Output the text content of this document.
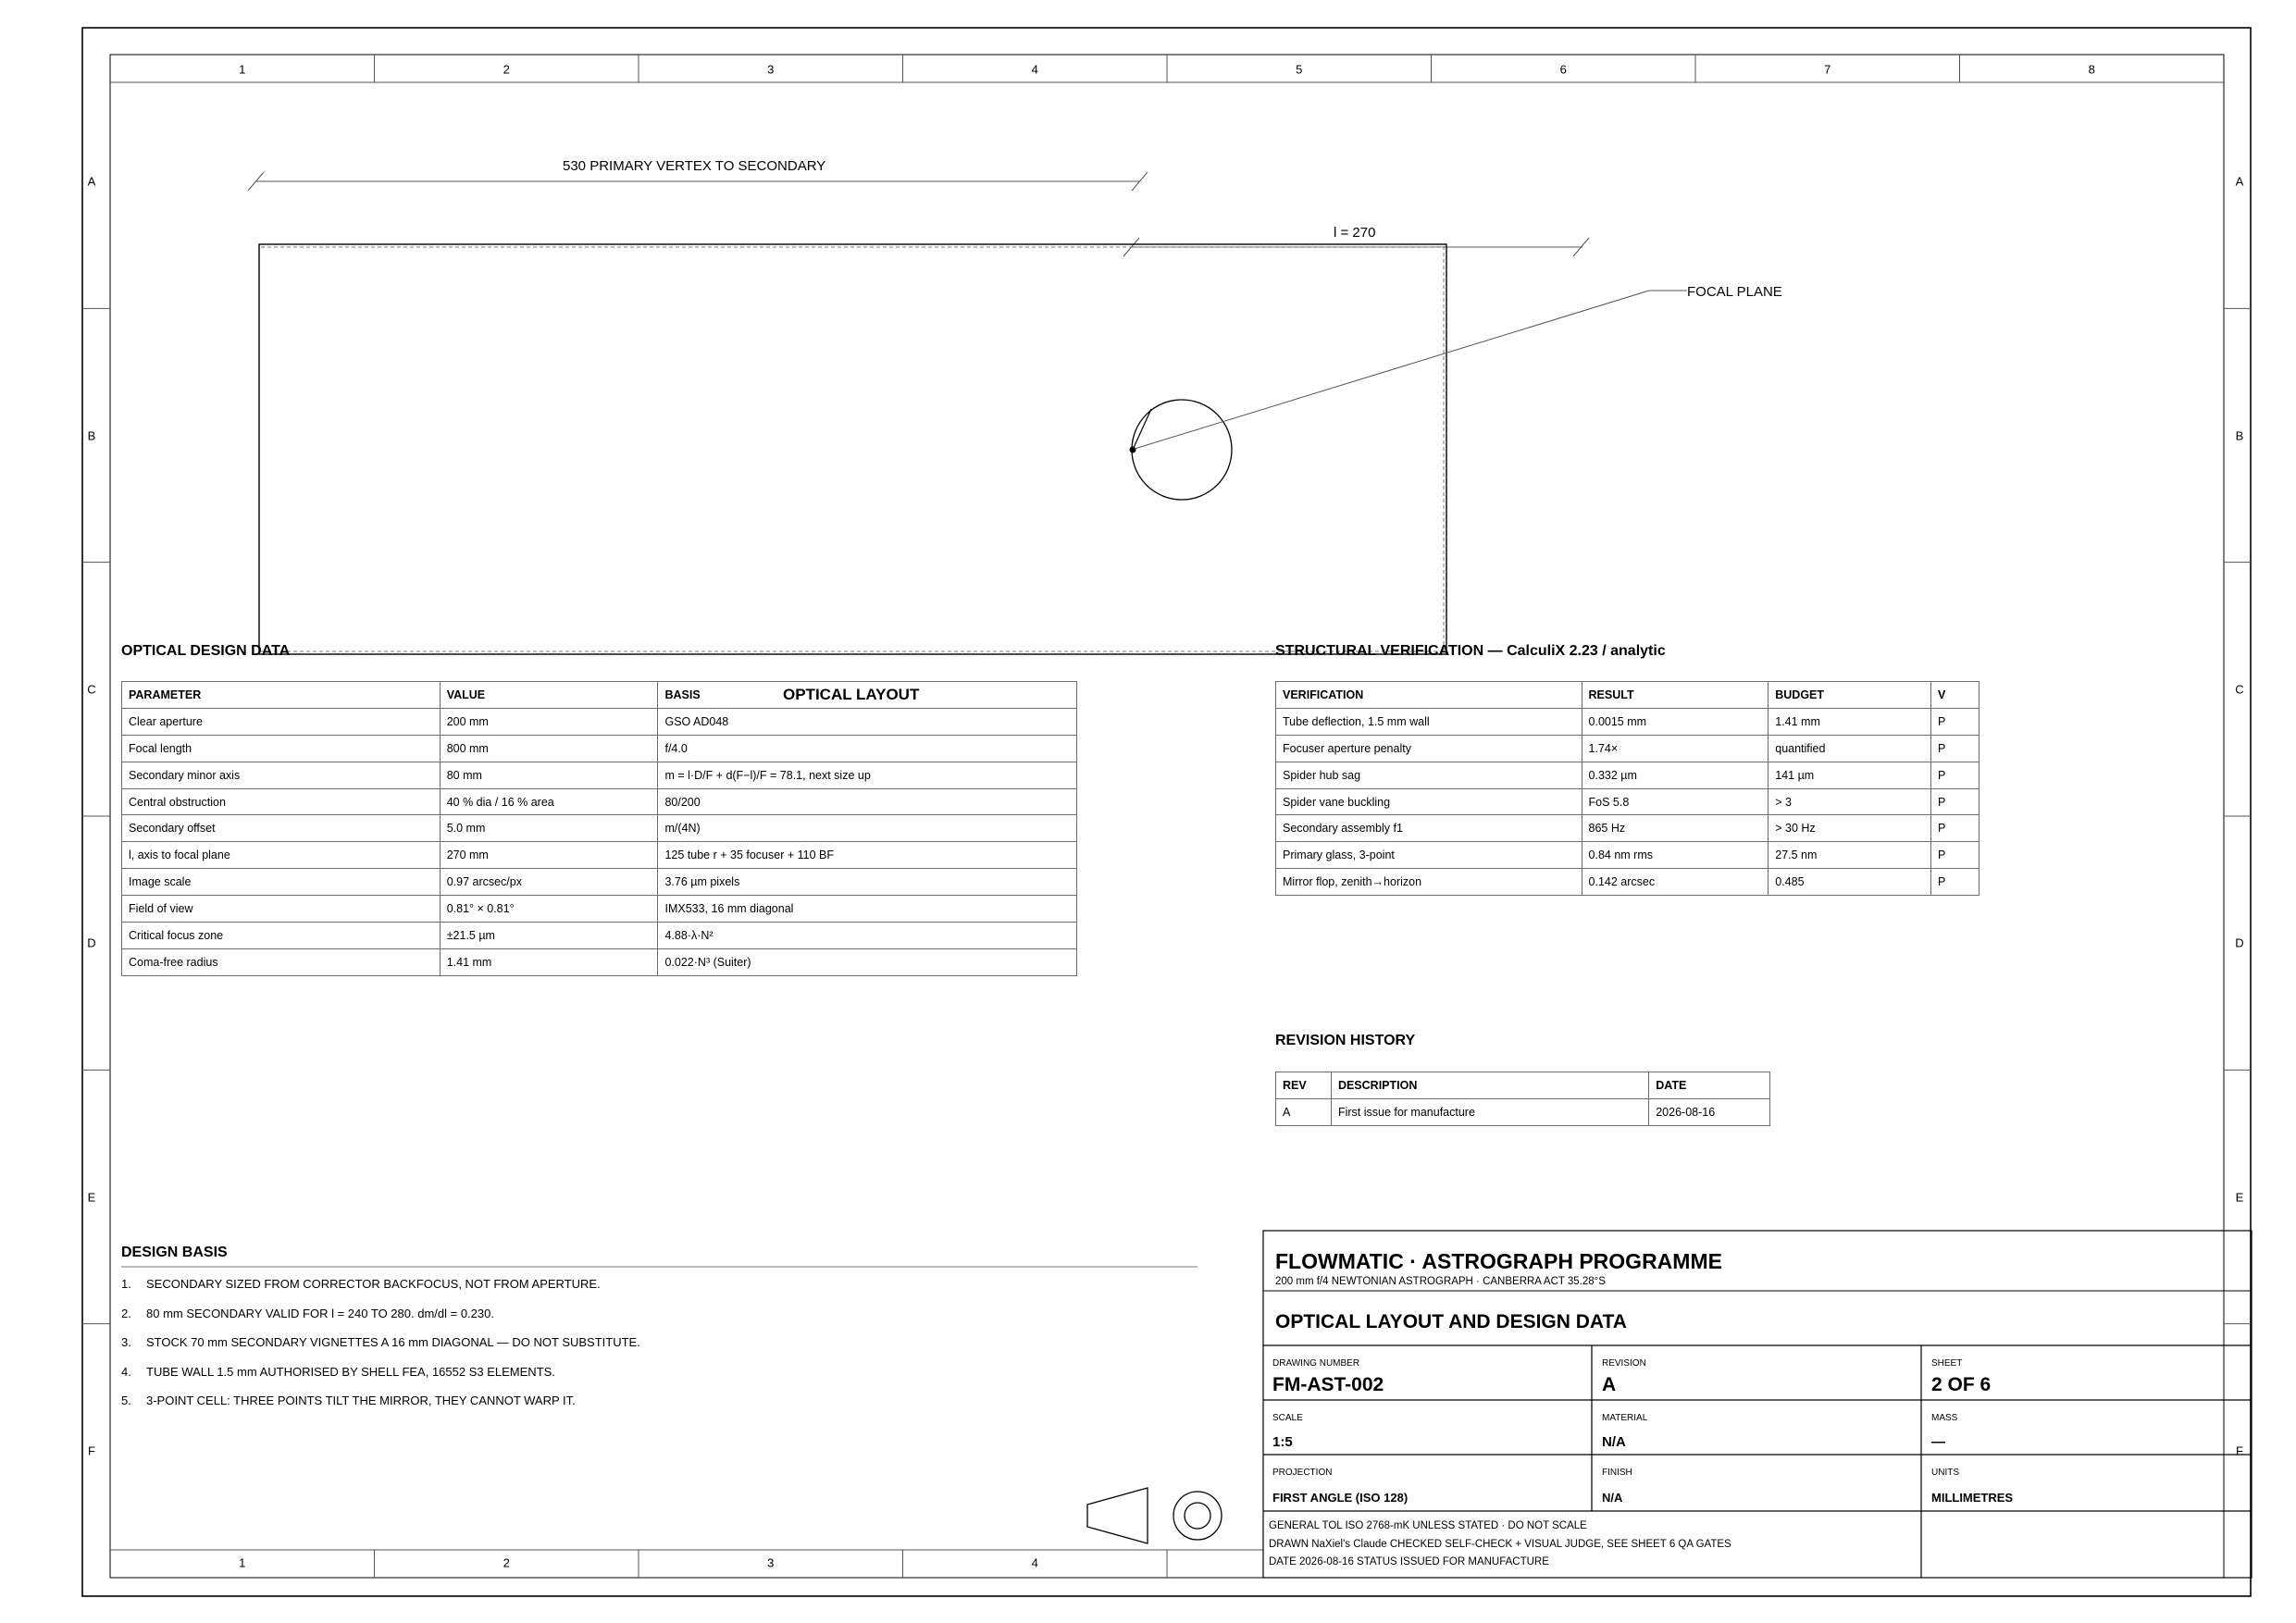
1
1
2
2
3
3
4
4
5	6	7	8
A	A
B	B
C	C
D	D
E	E
F	F
530 PRIMARY VERTEX TO SECONDARY
l = 270
FOCAL PLANE
OPTICAL LAYOUT
OPTICAL DESIGN DATA
PARAMETER	VALUE	BASIS
Clear aperture	200 mm	GSO AD048
Focal length	800 mm	f/4.0
Secondary minor axis	80 mm	m = l·D/F + d(F−l)/F = 78.1, next size up
Central obstruction	40 % dia / 16 % area	80/200
Secondary offset	5.0 mm	m/(4N)
l, axis to focal plane	270 mm	125 tube r + 35 focuser + 110 BF
Image scale	0.97 arcsec/px	3.76 µm pixels
Field of view	0.81° × 0.81°	IMX533, 16 mm diagonal
Critical focus zone	±21.5 µm	4.88·λ·N²
Coma-free radius	1.41 mm	0.022·N³ (Suiter)
STRUCTURAL VERIFICATION — CalculiX 2.23 / analytic
VERIFICATION	RESULT	BUDGET	V
Tube deflection, 1.5 mm wall	0.0015 mm	1.41 mm	P
Focuser aperture penalty	1.74×	quantified	P
Spider hub sag	0.332 µm	141 µm	P
Spider vane buckling	FoS 5.8	> 3	P
Secondary assembly f1	865 Hz	> 30 Hz	P
Primary glass, 3-point	0.84 nm rms	27.5 nm	P
Mirror flop, zenith→horizon	0.142 arcsec	0.485	P
REVISION HISTORY
REV	DESCRIPTION	DATE
A	First issue for manufacture	2026-08-16
DESIGN BASIS
1. SECONDARY SIZED FROM CORRECTOR BACKFOCUS, NOT FROM APERTURE.
2. 80 mm SECONDARY VALID FOR l = 240 TO 280. dm/dl = 0.230.
3. STOCK 70 mm SECONDARY VIGNETTES A 16 mm DIAGONAL — DO NOT SUBSTITUTE.
4. TUBE WALL 1.5 mm AUTHORISED BY SHELL FEA, 16552 S3 ELEMENTS.
5. 3-POINT CELL: THREE POINTS TILT THE MIRROR, THEY CANNOT WARP IT.
FLOWMATIC · ASTROGRAPH PROGRAMME
200 mm f/4 NEWTONIAN ASTROGRAPH · CANBERRA ACT 35.28°S
OPTICAL LAYOUT AND DESIGN DATA
DRAWING NUMBER
FM-AST-002
REVISION
A
SHEET
2 OF 6
SCALE
1:5
MATERIAL
N/A
MASS
—
PROJECTION
FIRST ANGLE (ISO 128)
FINISH
N/A
UNITS
MILLIMETRES
GENERAL TOL ISO 2768-mK UNLESS STATED · DO NOT SCALE
DRAWN NaXiel's Claude CHECKED SELF-CHECK + VISUAL JUDGE, SEE SHEET 6 QA GATES
DATE 2026-08-16 STATUS ISSUED FOR MANUFACTURE
